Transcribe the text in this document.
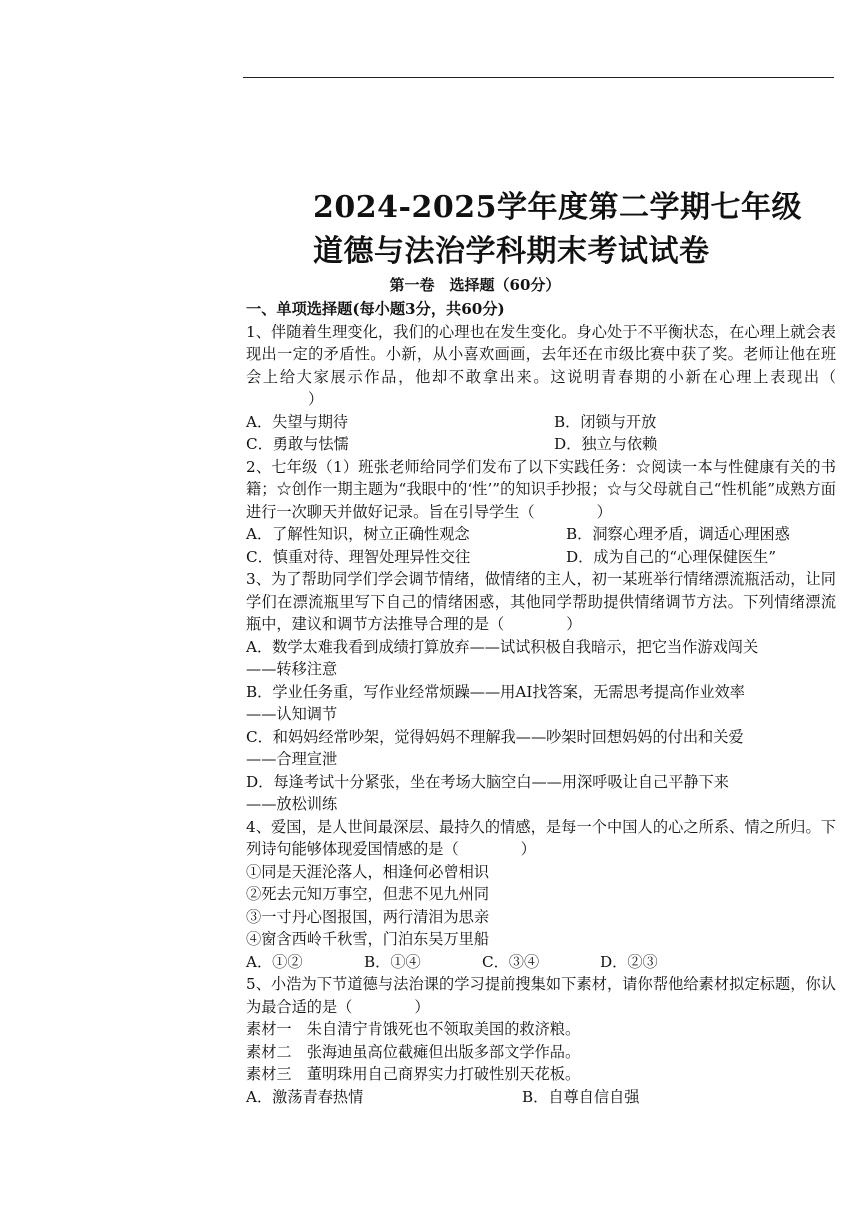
2024-2025学年度第二学期七年级
道德与法治学科期末考试试卷
第一卷　选择题（60分）
一、单项选择题(每小题3分，共60分)
1、伴随着生理变化，我们的心理也在发生变化。身心处于不平衡状态，在心理上就会表现出一定的矛盾性。小新，从小喜欢画画，去年还在市级比赛中获了奖。老师让他在班会上给大家展示作品，他却不敢拿出来。这说明青春期的小新在心理上表现出（）
A．失望与期待	B．闭锁与开放
C．勇敢与怯懦	D．独立与依赖
2、七年级（1）班张老师给同学们发布了以下实践任务：☆阅读一本与性健康有关的书籍；☆创作一期主题为“我眼中的‘性’”的知识手抄报；☆与父母就自己“性机能”成熟方面进行一次聊天并做好记录。旨在引导学生（	）
A．了解性知识，树立正确性观念	B．洞察心理矛盾，调适心理困惑
C．慎重对待、理智处理异性交往	D．成为自己的“心理保健医生”
3、为了帮助同学们学会调节情绪，做情绪的主人，初一某班举行情绪漂流瓶活动，让同学们在漂流瓶里写下自己的情绪困惑，其他同学帮助提供情绪调节方法。下列情绪漂流瓶中，建议和调节方法推导合理的是（	）
A．数学太难我看到成绩打算放弃——试试积极自我暗示，把它当作游戏闯关
——转移注意
B．学业任务重，写作业经常烦躁——用AI找答案，无需思考提高作业效率
——认知调节
C．和妈妈经常吵架，觉得妈妈不理解我——吵架时回想妈妈的付出和关爱
——合理宣泄
D．每逢考试十分紧张，坐在考场大脑空白——用深呼吸让自己平静下来
——放松训练
4、爱国，是人世间最深层、最持久的情感，是每一个中国人的心之所系、情之所归。下列诗句能够体现爱国情感的是（	）
①同是天涯沦落人，相逢何必曾相识
②死去元知万事空，但悲不见九州同
③一寸丹心图报国，两行清泪为思亲
④窗含西岭千秋雪，门泊东吴万里船
A．①②	B．①④	C．③④	D．②③
5、小浩为下节道德与法治课的学习提前搜集如下素材，请你帮他给素材拟定标题，你认为最合适的是（	）
素材一　朱自清宁肯饿死也不领取美国的救济粮。
素材二　张海迪虽高位截瘫但出版多部文学作品。
素材三　董明珠用自己商界实力打破性别天花板。
A．激荡青春热情	B．自尊自信自强
